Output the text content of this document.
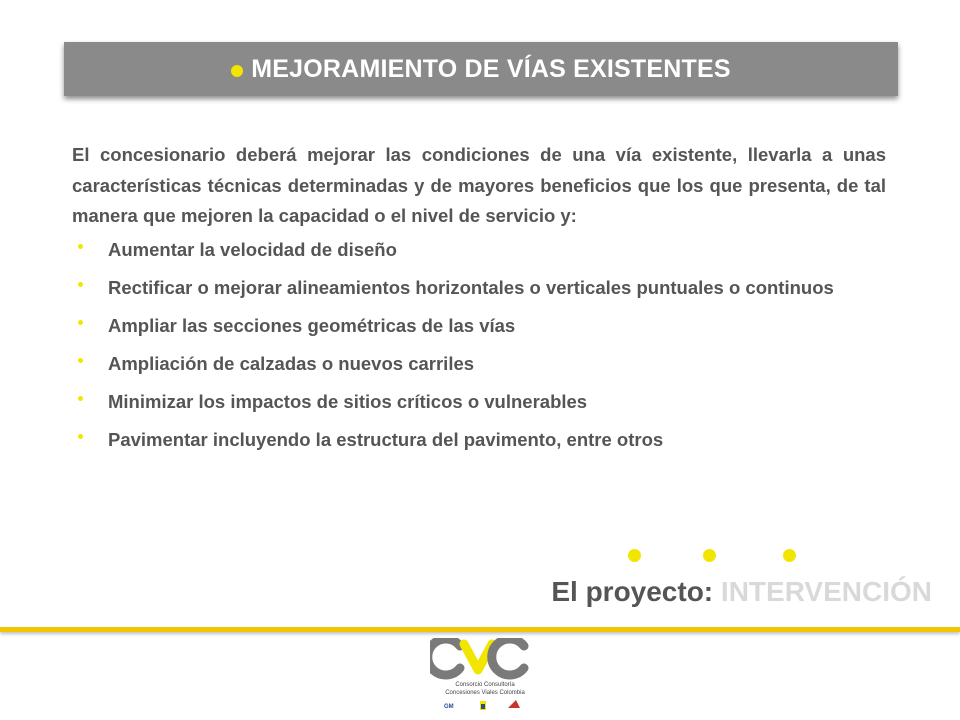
MEJORAMIENTO DE VÍAS EXISTENTES

El concesionario deberá mejorar las condiciones de una vía existente, llevarla a unas características técnicas determinadas y de mayores beneficios que los que presenta, de tal manera que mejoren la capacidad o el nivel de servicio y:

Aumentar la velocidad de diseño
Rectificar o mejorar alineamientos horizontales o verticales puntuales o continuos
Ampliar las secciones geométricas de las vías
Ampliación de calzadas o nuevos carriles
Minimizar los impactos de sitios críticos o vulnerables
Pavimentar incluyendo la estructura del pavimento, entre otros
El proyecto: INTERVENCIÓN
Consorcio Consultoría
Concesiones Viales Colombia
GM
